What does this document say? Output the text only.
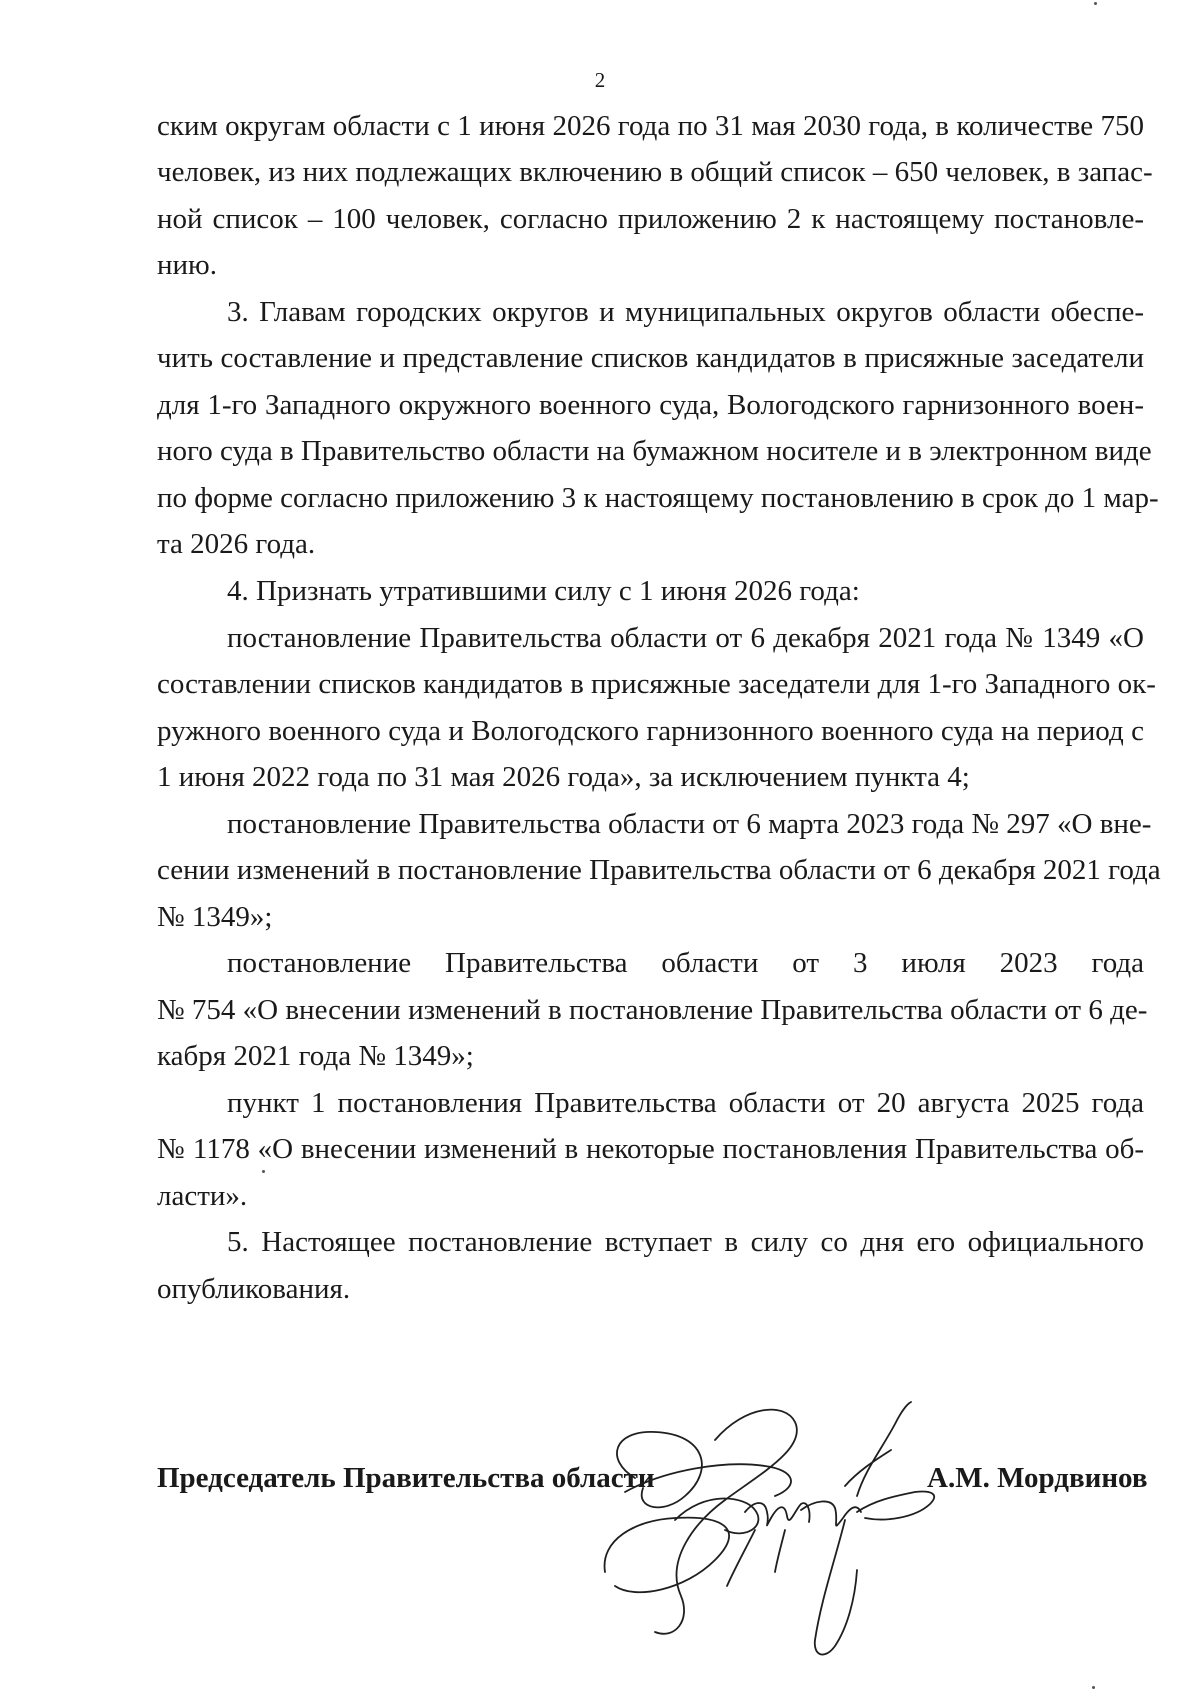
2
ским округам области с 1 июня 2026 года по 31 мая 2030 года, в количестве 750
человек, из них подлежащих включению в общий список – 650 человек, в запас-
ной список – 100 человек, согласно приложению 2 к настоящему постановле-
нию.
3. Главам городских округов и муниципальных округов области обеспе-
чить составление и представление списков кандидатов в присяжные заседатели
для 1-го Западного окружного военного суда, Вологодского гарнизонного воен-
ного суда в Правительство области на бумажном носителе и в электронном виде
по форме согласно приложению 3 к настоящему постановлению в срок до 1 мар-
та 2026 года.
4. Признать утратившими силу с 1 июня 2026 года:
постановление Правительства области от 6 декабря 2021 года № 1349 «О
составлении списков кандидатов в присяжные заседатели для 1-го Западного ок-
ружного военного суда и Вологодского гарнизонного военного суда на период с
1 июня 2022 года по 31 мая 2026 года», за исключением пункта 4;
постановление Правительства области от 6 марта 2023 года № 297 «О вне-
сении изменений в постановление Правительства области от 6 декабря 2021 года
№ 1349»;
постановление Правительства области от 3 июля 2023 года
№ 754 «О внесении изменений в постановление Правительства области от 6 де-
кабря 2021 года № 1349»;
пункт 1 постановления Правительства области от 20 августа 2025 года
№ 1178 «О внесении изменений в некоторые постановления Правительства об-
ласти».
5. Настоящее постановление вступает в силу со дня его официального
опубликования.
Председатель Правительства области	А.М. Мордвинов
